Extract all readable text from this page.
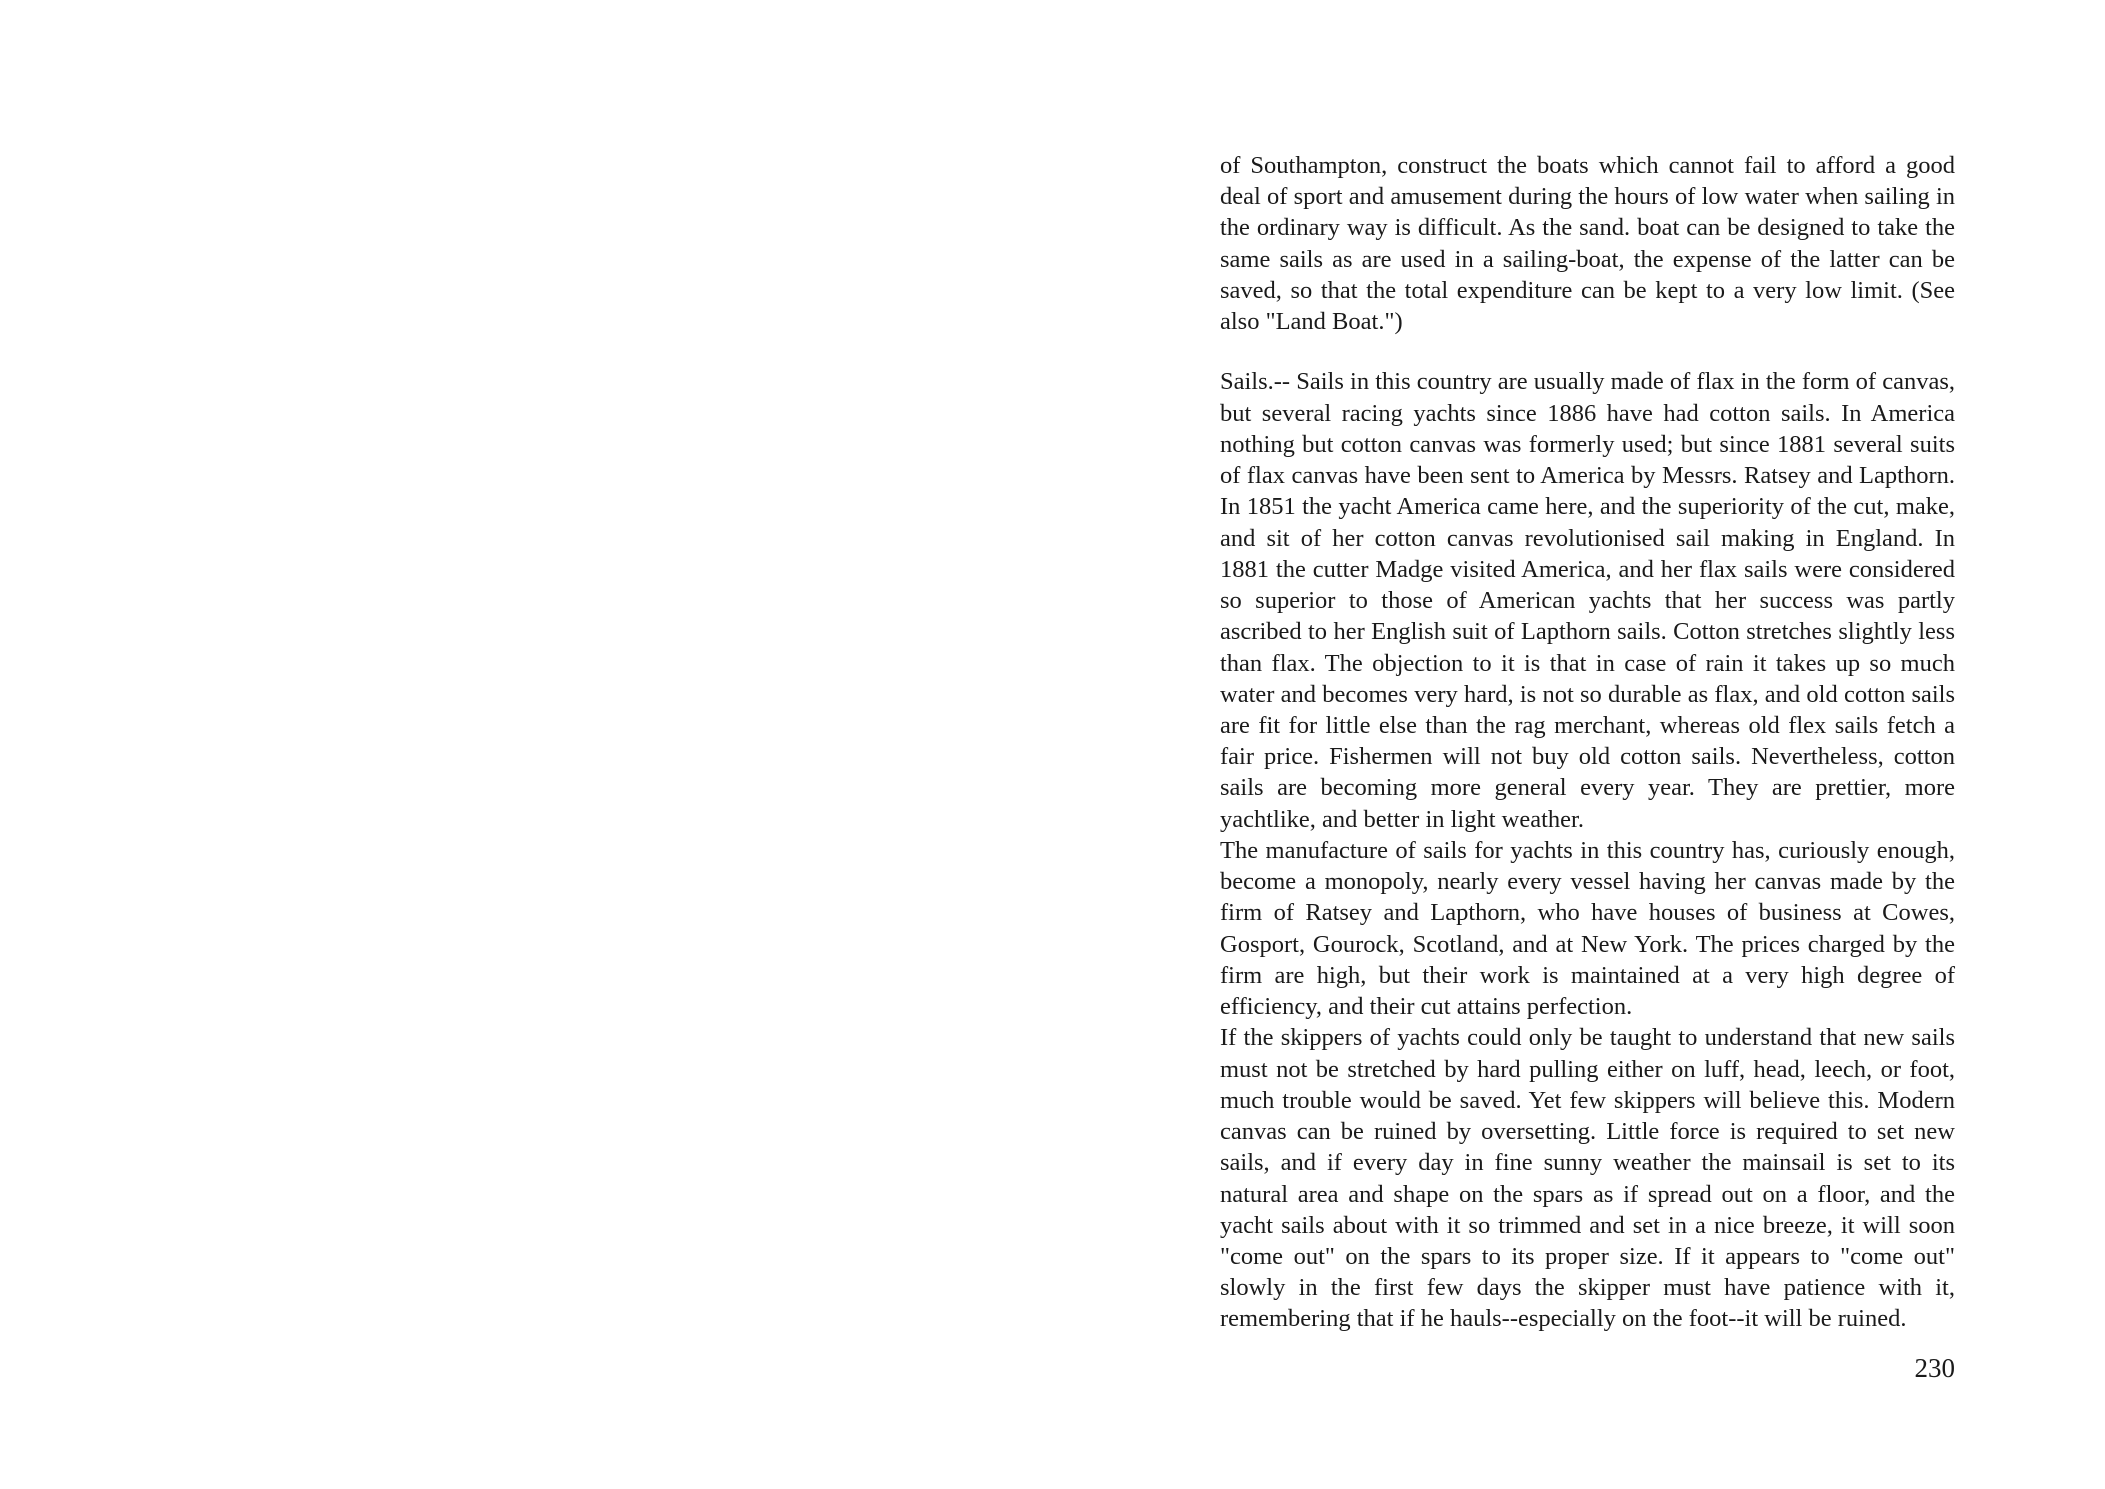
of Southampton, construct the boats which cannot fail to afford a good deal of sport and amusement during the hours of low water when sailing in the ordinary way is difficult. As the sand. boat can be designed to take the same sails as are used in a sailing-boat, the expense of the latter can be saved, so that the total expenditure can be kept to a very low limit. (See also "Land Boat.")

Sails.-- Sails in this country are usually made of flax in the form of canvas, but several racing yachts since 1886 have had cotton sails. In America nothing but cotton canvas was formerly used; but since 1881 several suits of flax canvas have been sent to America by Messrs. Ratsey and Lapthorn. In 1851 the yacht America came here, and the superiority of the cut, make, and sit of her cotton canvas revolutionised sail making in England. In 1881 the cutter Madge visited America, and her flax sails were considered so superior to those of American yachts that her success was partly ascribed to her English suit of Lapthorn sails. Cotton stretches slightly less than flax. The objection to it is that in case of rain it takes up so much water and becomes very hard, is not so durable as flax, and old cotton sails are fit for little else than the rag merchant, whereas old flex sails fetch a fair price. Fishermen will not buy old cotton sails. Nevertheless, cotton sails are becoming more general every year. They are prettier, more yachtlike, and better in light weather.

The manufacture of sails for yachts in this country has, curiously enough, become a monopoly, nearly every vessel having her canvas made by the firm of Ratsey and Lapthorn, who have houses of business at Cowes, Gosport, Gourock, Scotland, and at New York. The prices charged by the firm are high, but their work is maintained at a very high degree of efficiency, and their cut attains perfection.

If the skippers of yachts could only be taught to understand that new sails must not be stretched by hard pulling either on luff, head, leech, or foot, much trouble would be saved. Yet few skippers will believe this. Modern canvas can be ruined by oversetting. Little force is required to set new sails, and if every day in fine sunny weather the mainsail is set to its natural area and shape on the spars as if spread out on a floor, and the yacht sails about with it so trimmed and set in a nice breeze, it will soon "come out" on the spars to its proper size. If it appears to "come out" slowly in the first few days the skipper must have patience with it, remembering that if he hauls--especially on the foot--it will be ruined.

230
